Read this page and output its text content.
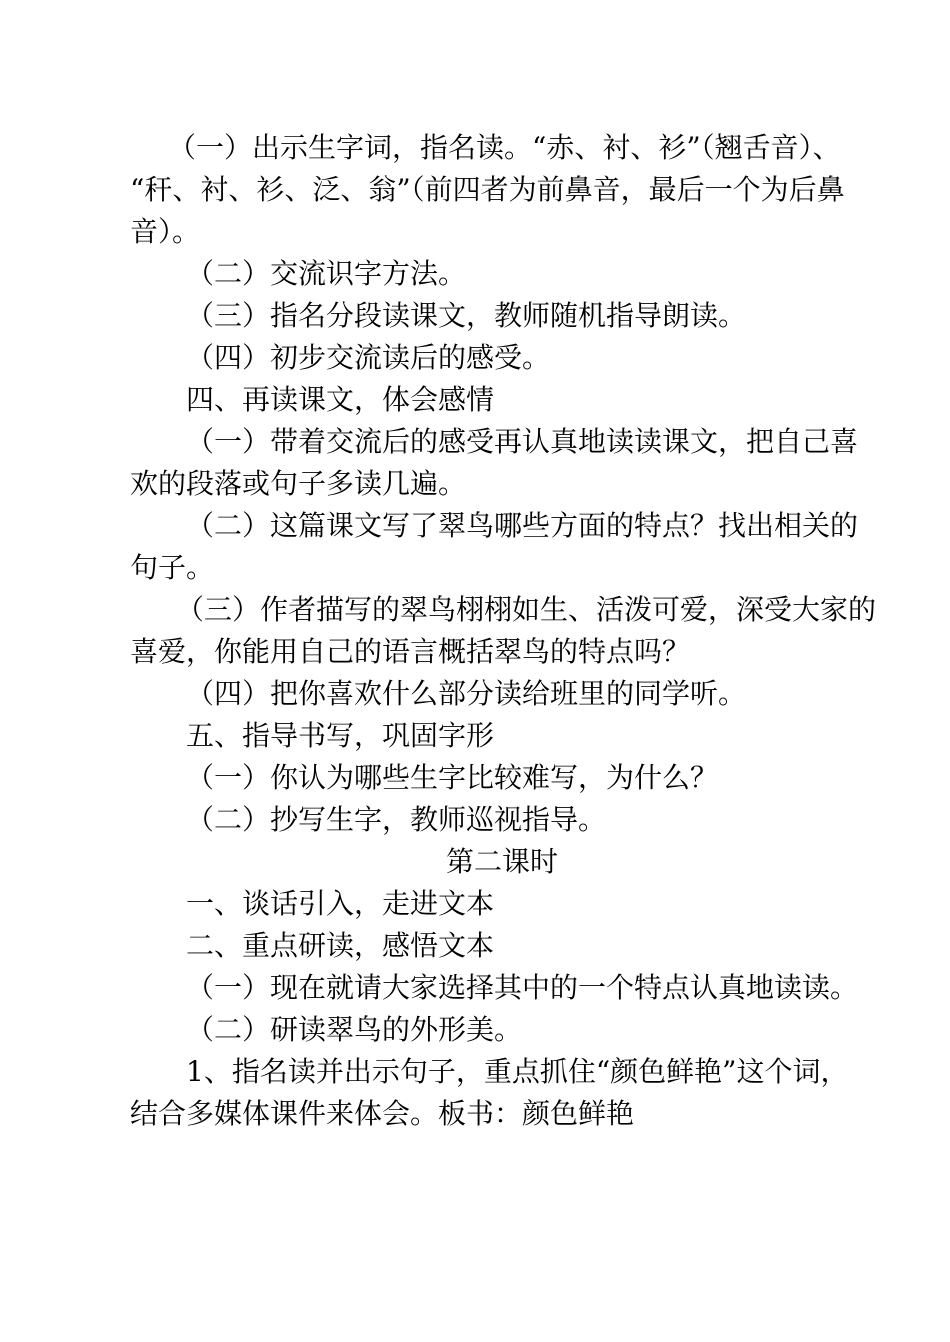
（一）出示生字词，指名读。“赤、衬、衫”（翘舌音）、
“秆、衬、衫、泛、翁”（前四者为前鼻音，最后一个为后鼻
音）。
（二）交流识字方法。
（三）指名分段读课文，教师随机指导朗读。
（四）初步交流读后的感受。
四、再读课文，体会感情
（一）带着交流后的感受再认真地读读课文，把自己喜
欢的段落或句子多读几遍。
（二）这篇课文写了翠鸟哪些方面的特点？找出相关的
句子。
（三）作者描写的翠鸟栩栩如生、活泼可爱，深受大家的
喜爱，你能用自己的语言概括翠鸟的特点吗？
（四）把你喜欢什么部分读给班里的同学听。
五、指导书写，巩固字形
（一）你认为哪些生字比较难写，为什么？
（二）抄写生字，教师巡视指导。
第二课时
一、谈话引入，走进文本
二、重点研读，感悟文本
（一）现在就请大家选择其中的一个特点认真地读读。
（二）研读翠鸟的外形美。
1、指名读并出示句子，重点抓住“颜色鲜艳”这个词，
结合多媒体课件来体会。板书：颜色鲜艳
